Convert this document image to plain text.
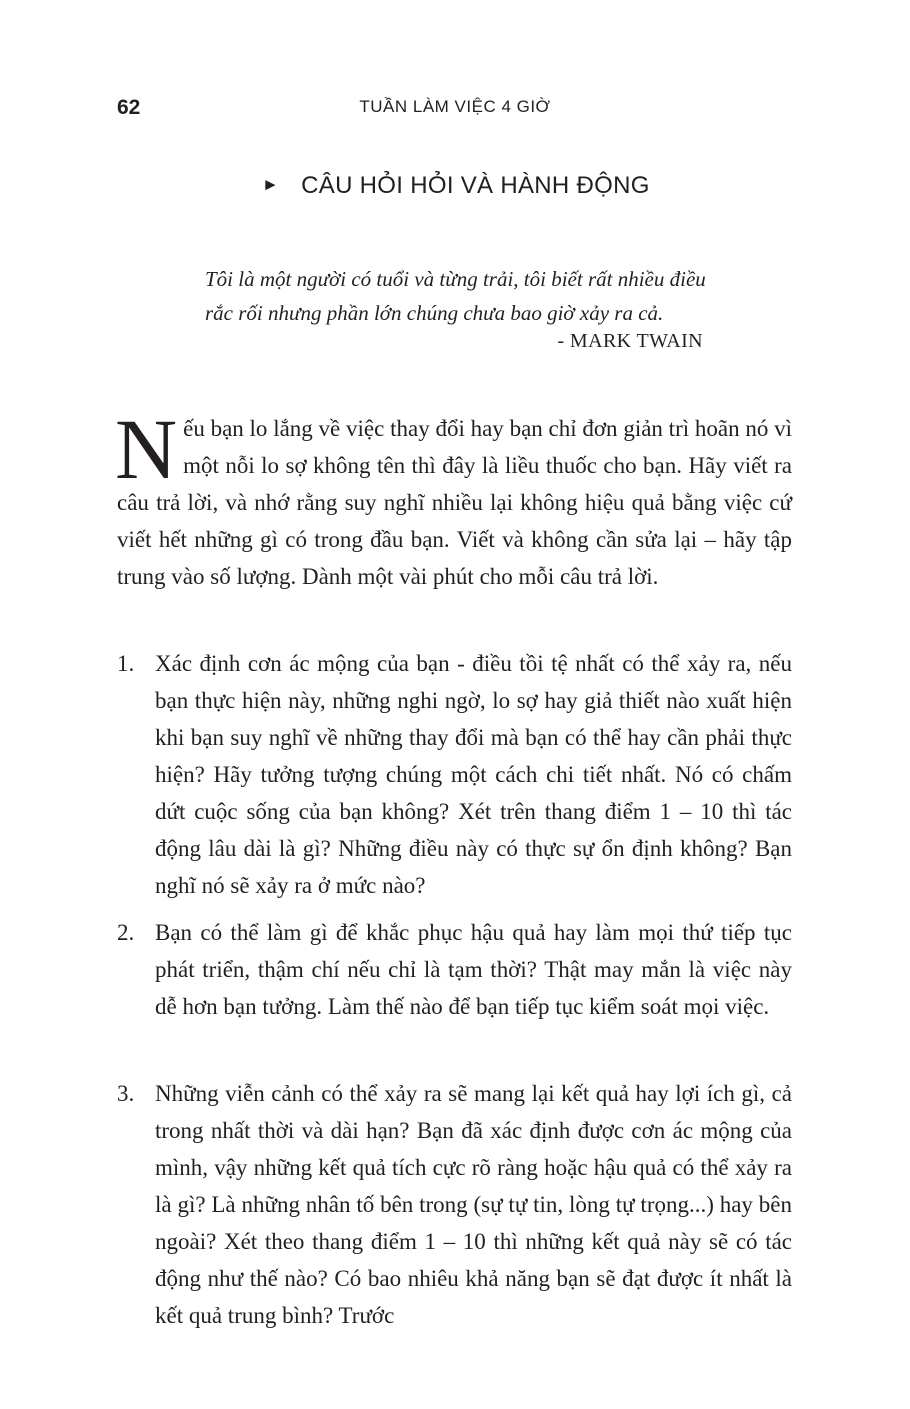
62	TUẦN LÀM VIỆC 4 GIỜ
► CÂU HỎI HỎI VÀ HÀNH ĐỘNG
Tôi là một người có tuổi và từng trải, tôi biết rất nhiều điều rắc rối nhưng phần lớn chúng chưa bao giờ xảy ra cả.
- MARK TWAIN
Nếu bạn lo lắng về việc thay đổi hay bạn chỉ đơn giản trì hoãn nó vì một nỗi lo sợ không tên thì đây là liều thuốc cho bạn. Hãy viết ra câu trả lời, và nhớ rằng suy nghĩ nhiều lại không hiệu quả bằng việc cứ viết hết những gì có trong đầu bạn. Viết và không cần sửa lại – hãy tập trung vào số lượng. Dành một vài phút cho mỗi câu trả lời.
1. Xác định cơn ác mộng của bạn - điều tồi tệ nhất có thể xảy ra, nếu bạn thực hiện này, những nghi ngờ, lo sợ hay giả thiết nào xuất hiện khi bạn suy nghĩ về những thay đổi mà bạn có thể hay cần phải thực hiện? Hãy tưởng tượng chúng một cách chi tiết nhất. Nó có chấm dứt cuộc sống của bạn không? Xét trên thang điểm 1 – 10 thì tác động lâu dài là gì? Những điều này có thực sự ổn định không? Bạn nghĩ nó sẽ xảy ra ở mức nào?
2. Bạn có thể làm gì để khắc phục hậu quả hay làm mọi thứ tiếp tục phát triển, thậm chí nếu chỉ là tạm thời? Thật may mắn là việc này dễ hơn bạn tưởng. Làm thế nào để bạn tiếp tục kiểm soát mọi việc.
3. Những viễn cảnh có thể xảy ra sẽ mang lại kết quả hay lợi ích gì, cả trong nhất thời và dài hạn? Bạn đã xác định được cơn ác mộng của mình, vậy những kết quả tích cực rõ ràng hoặc hậu quả có thể xảy ra là gì? Là những nhân tố bên trong (sự tự tin, lòng tự trọng...) hay bên ngoài? Xét theo thang điểm 1 – 10 thì những kết quả này sẽ có tác động như thế nào? Có bao nhiêu khả năng bạn sẽ đạt được ít nhất là kết quả trung bình? Trước
